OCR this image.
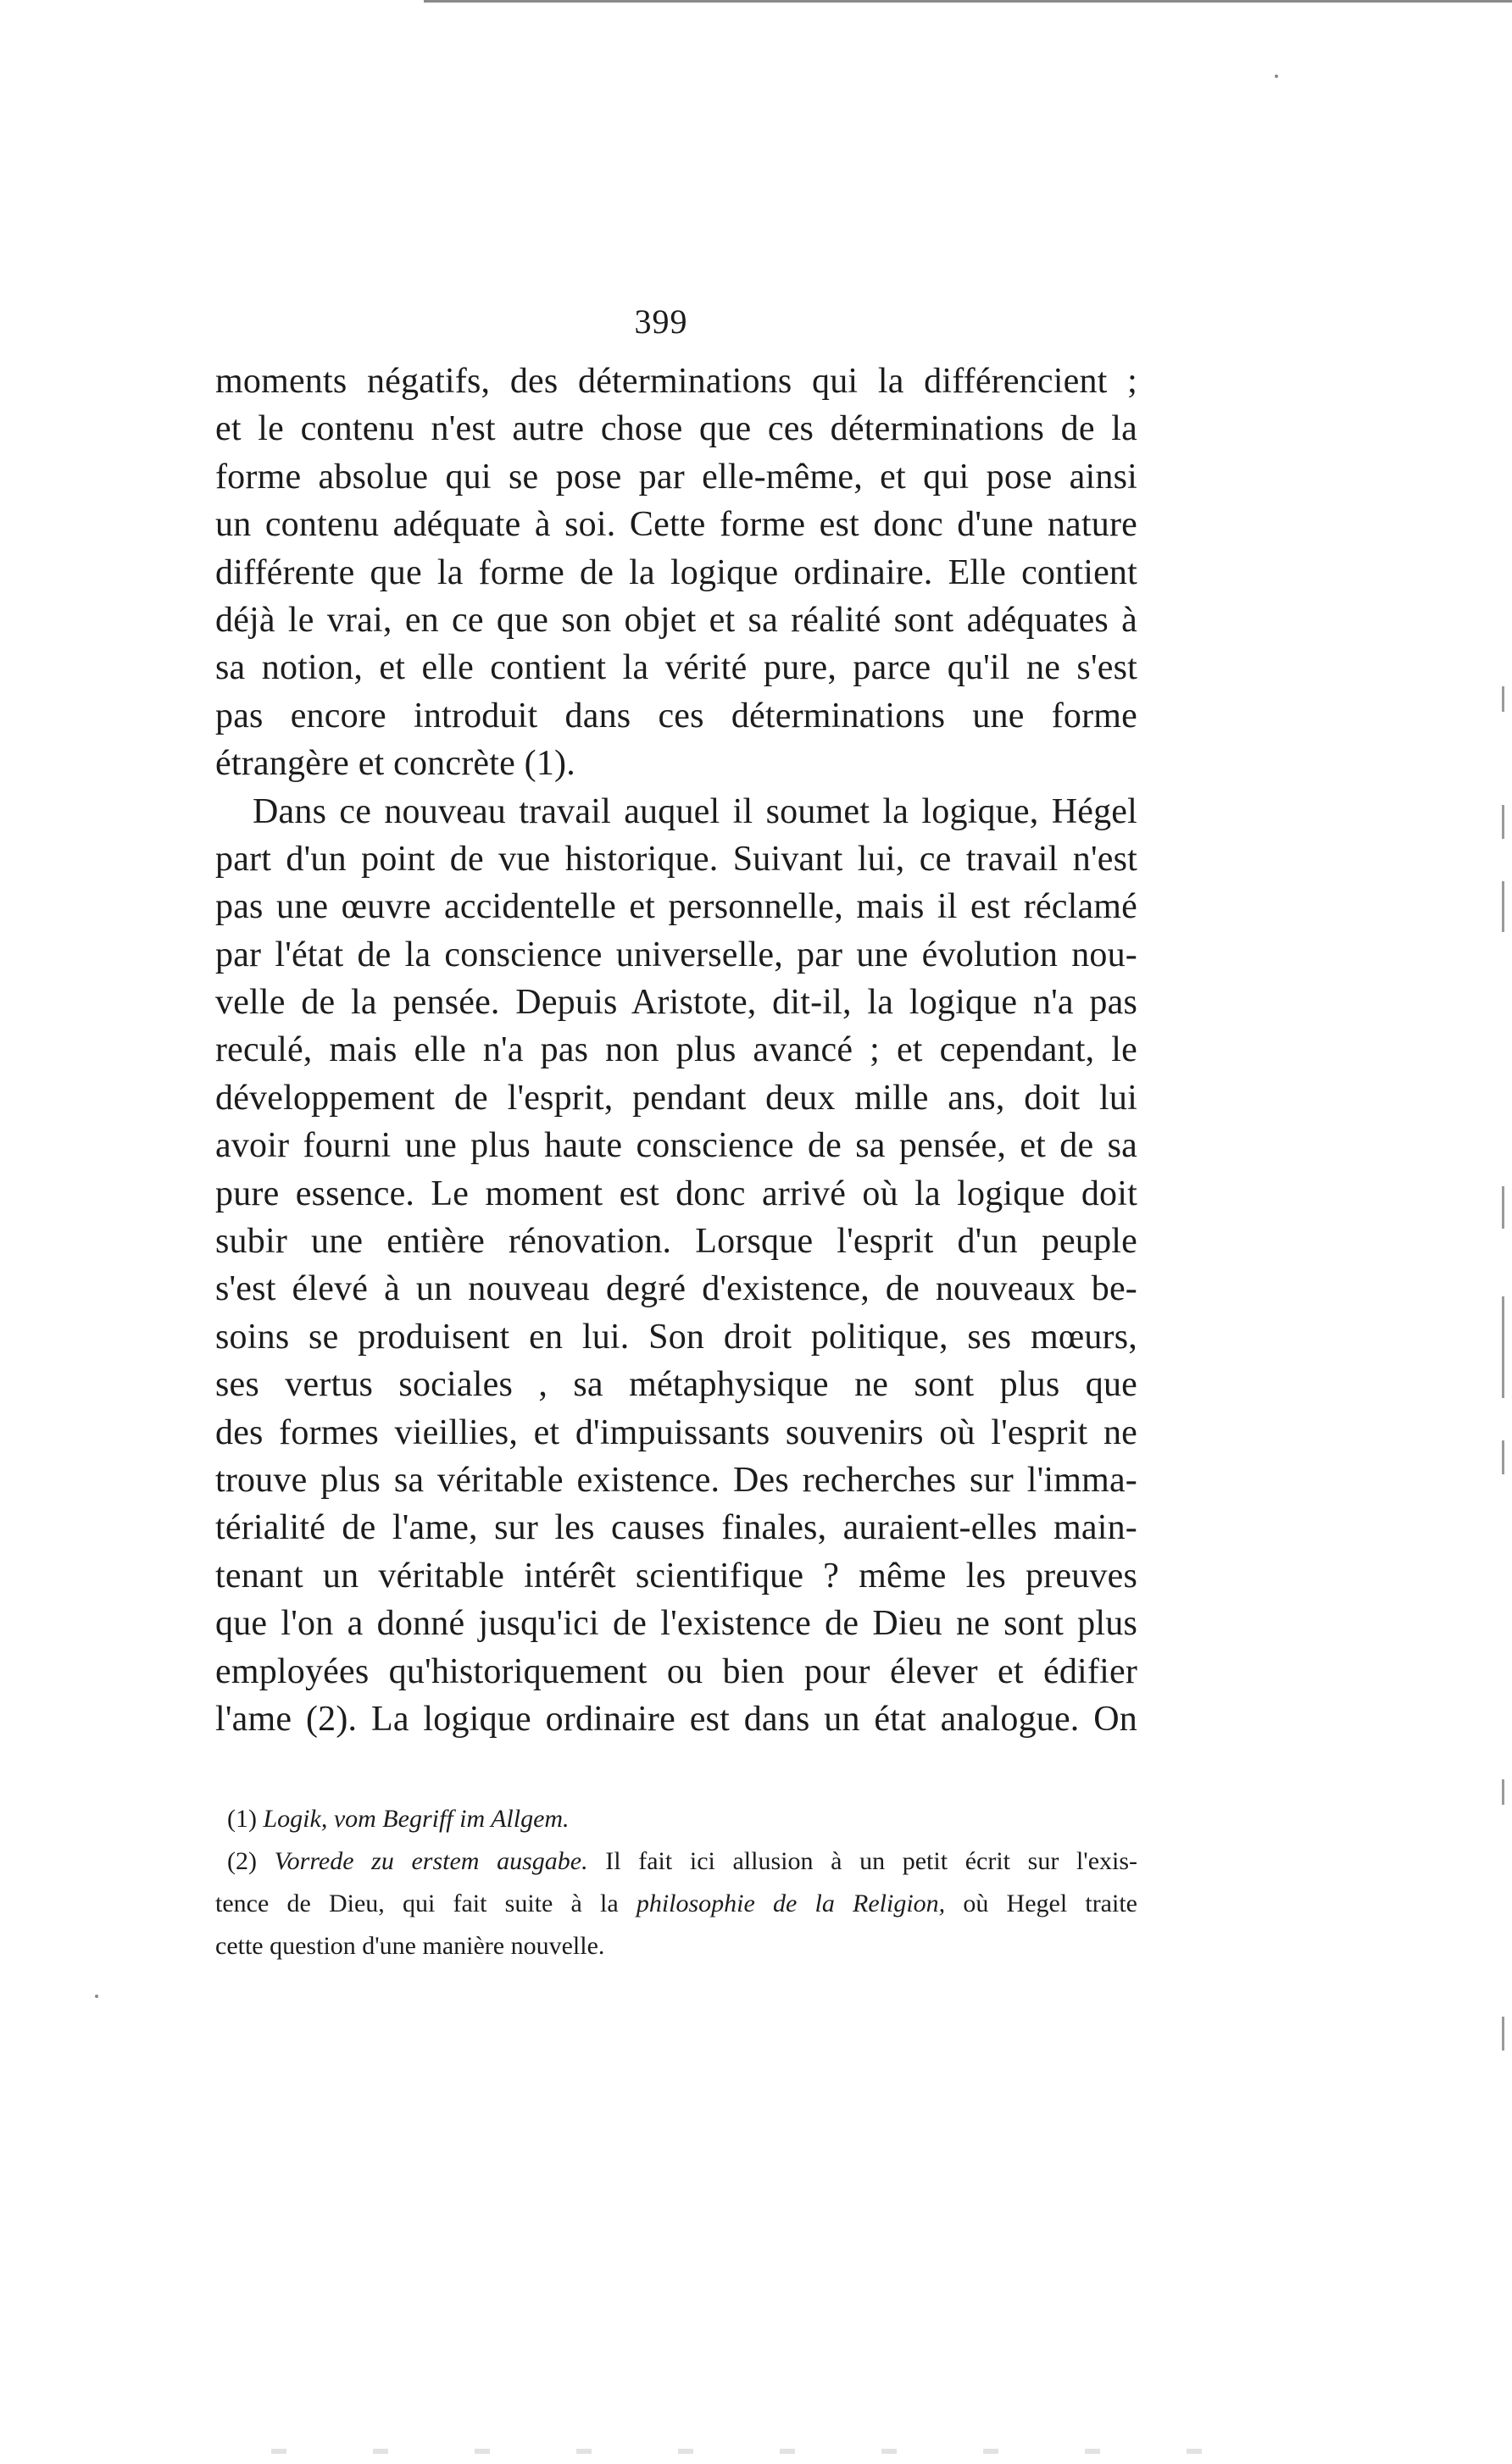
399
moments négatifs, des déterminations qui la différencient ;
et le contenu n'est autre chose que ces déterminations de la
forme absolue qui se pose par elle-même, et qui pose ainsi
un contenu adéquate à soi. Cette forme est donc d'une nature
différente que la forme de la logique ordinaire. Elle contient
déjà le vrai, en ce que son objet et sa réalité sont adéquates à
sa notion, et elle contient la vérité pure, parce qu'il ne s'est
pas encore introduit dans ces déterminations une forme
étrangère et concrète (1).
Dans ce nouveau travail auquel il soumet la logique, Hégel
part d'un point de vue historique. Suivant lui, ce travail n'est
pas une œuvre accidentelle et personnelle, mais il est réclamé
par l'état de la conscience universelle, par une évolution nou-
velle de la pensée. Depuis Aristote, dit-il, la logique n'a pas
reculé, mais elle n'a pas non plus avancé ; et cependant, le
développement de l'esprit, pendant deux mille ans, doit lui
avoir fourni une plus haute conscience de sa pensée, et de sa
pure essence. Le moment est donc arrivé où la logique doit
subir une entière rénovation. Lorsque l'esprit d'un peuple
s'est élevé à un nouveau degré d'existence, de nouveaux be-
soins se produisent en lui. Son droit politique, ses mœurs,
ses vertus sociales , sa métaphysique ne sont plus que
des formes vieillies, et d'impuissants souvenirs où l'esprit ne
trouve plus sa véritable existence. Des recherches sur l'imma-
térialité de l'ame, sur les causes finales, auraient-elles main-
tenant un véritable intérêt scientifique ? même les preuves
que l'on a donné jusqu'ici de l'existence de Dieu ne sont plus
employées qu'historiquement ou bien pour élever et édifier
l'ame (2). La logique ordinaire est dans un état analogue. On
(1) Logik, vom Begriff im Allgem.
(2) Vorrede zu erstem ausgabe. Il fait ici allusion à un petit écrit sur l'exis-
tence de Dieu, qui fait suite à la philosophie de la Religion, où Hegel traite
cette question d'une manière nouvelle.
